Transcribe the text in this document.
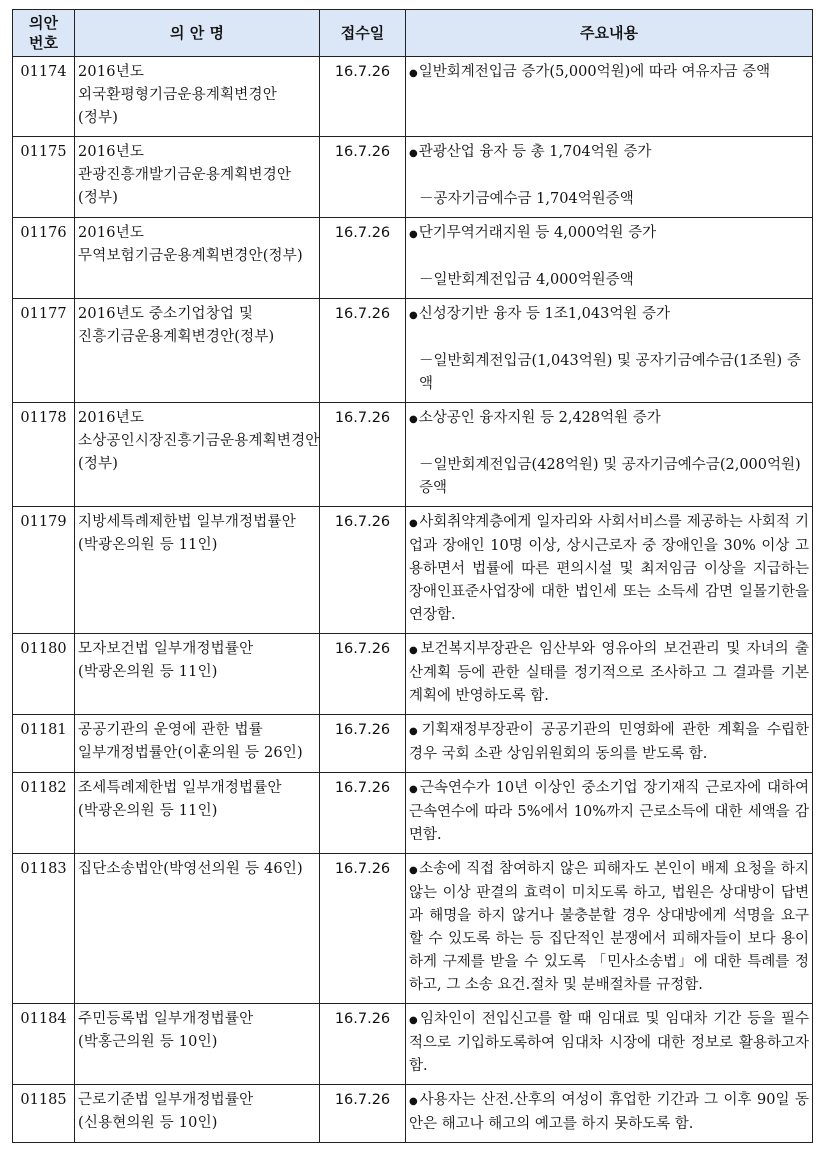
의안
번호	의 안 명	접수일	주요내용
01174	2016년도 외국환평형기금운용계획변경안(정부)	16.7.26	●일반회계전입금 증가(5,000억원)에 따라 여유자금 증액

01175	2016년도 관광진흥개발기금운용계획변경안(정부)	16.7.26	●관광산업 융자 등 총 1,704억원 증가
－공자기금예수금 1,704억원증액

01176	2016년도 무역보험기금운용계획변경안(정부)	16.7.26	●단기무역거래지원 등 4,000억원 증가
－일반회계전입금 4,000억원증액

01177	2016년도 중소기업창업 및 진흥기금운용계획변경안(정부)	16.7.26	●신성장기반 융자 등 1조1,043억원 증가
－일반회계전입금(1,043억원) 및 공자기금예수금(1조원) 증액

01178	2016년도 소상공인시장진흥기금운용계획변경안(정부)	16.7.26	●소상공인 융자지원 등 2,428억원 증가
－일반회계전입금(428억원) 및 공자기금예수금(2,000억원) 증액

01179	지방세특례제한법 일부개정법률안(박광온의원 등 11인)	16.7.26	●사회취약계층에게 일자리와 사회서비스를 제공하는 사회적 기업과 장애인 10명 이상, 상시근로자 중 장애인을 30% 이상 고용하면서 법률에 따른 편의시설 및 최저임금 이상을 지급하는 장애인표준사업장에 대한 법인세 또는 소득세 감면 일몰기한을 연장함.

01180	모자보건법 일부개정법률안(박광온의원 등 11인)	16.7.26	●보건복지부장관은 임산부와 영유아의 보건관리 및 자녀의 출산계획 등에 관한 실태를 정기적으로 조사하고 그 결과를 기본계획에 반영하도록 함.

01181	공공기관의 운영에 관한 법률 일부개정법률안(이훈의원 등 26인)	16.7.26	●기획재정부장관이 공공기관의 민영화에 관한 계획을 수립한 경우 국회 소관 상임위원회의 동의를 받도록 함.

01182	조세특례제한법 일부개정법률안(박광온의원 등 11인)	16.7.26	●근속연수가 10년 이상인 중소기업 장기재직 근로자에 대하여 근속연수에 따라 5%에서 10%까지 근로소득에 대한 세액을 감면함.

01183	집단소송법안(박영선의원 등 46인)	16.7.26	●소송에 직접 참여하지 않은 피해자도 본인이 배제 요청을 하지 않는 이상 판결의 효력이 미치도록 하고, 법원은 상대방이 답변과 해명을 하지 않거나 불충분할 경우 상대방에게 석명을 요구할 수 있도록 하는 등 집단적인 분쟁에서 피해자들이 보다 용이하게 구제를 받을 수 있도록 「민사소송법」에 대한 특례를 정하고, 그 소송 요건․절차 및 분배절차를 규정함.

01184	주민등록법 일부개정법률안(박홍근의원 등 10인)	16.7.26	●임차인이 전입신고를 할 때 임대료 및 임대차 기간 등을 필수적으로 기입하도록하여 임대차 시장에 대한 정보로 활용하고자 함.

01185	근로기준법 일부개정법률안(신용현의원 등 10인)	16.7.26	●사용자는 산전․산후의 여성이 휴업한 기간과 그 이후 90일 동안은 해고나 해고의 예고를 하지 못하도록 함.
